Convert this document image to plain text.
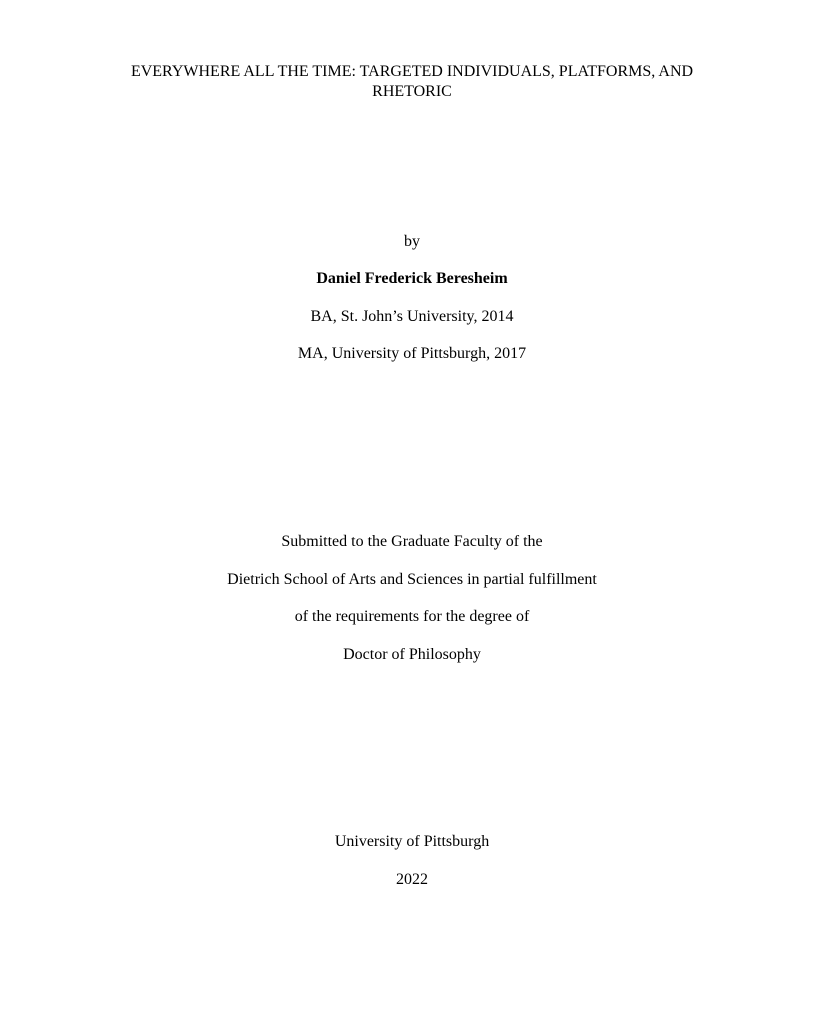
EVERYWHERE ALL THE TIME: TARGETED INDIVIDUALS, PLATFORMS, AND
RHETORIC
by
Daniel Frederick Beresheim
BA, St. John’s University, 2014
MA, University of Pittsburgh, 2017
Submitted to the Graduate Faculty of the
Dietrich School of Arts and Sciences in partial fulfillment
of the requirements for the degree of
Doctor of Philosophy
University of Pittsburgh
2022
